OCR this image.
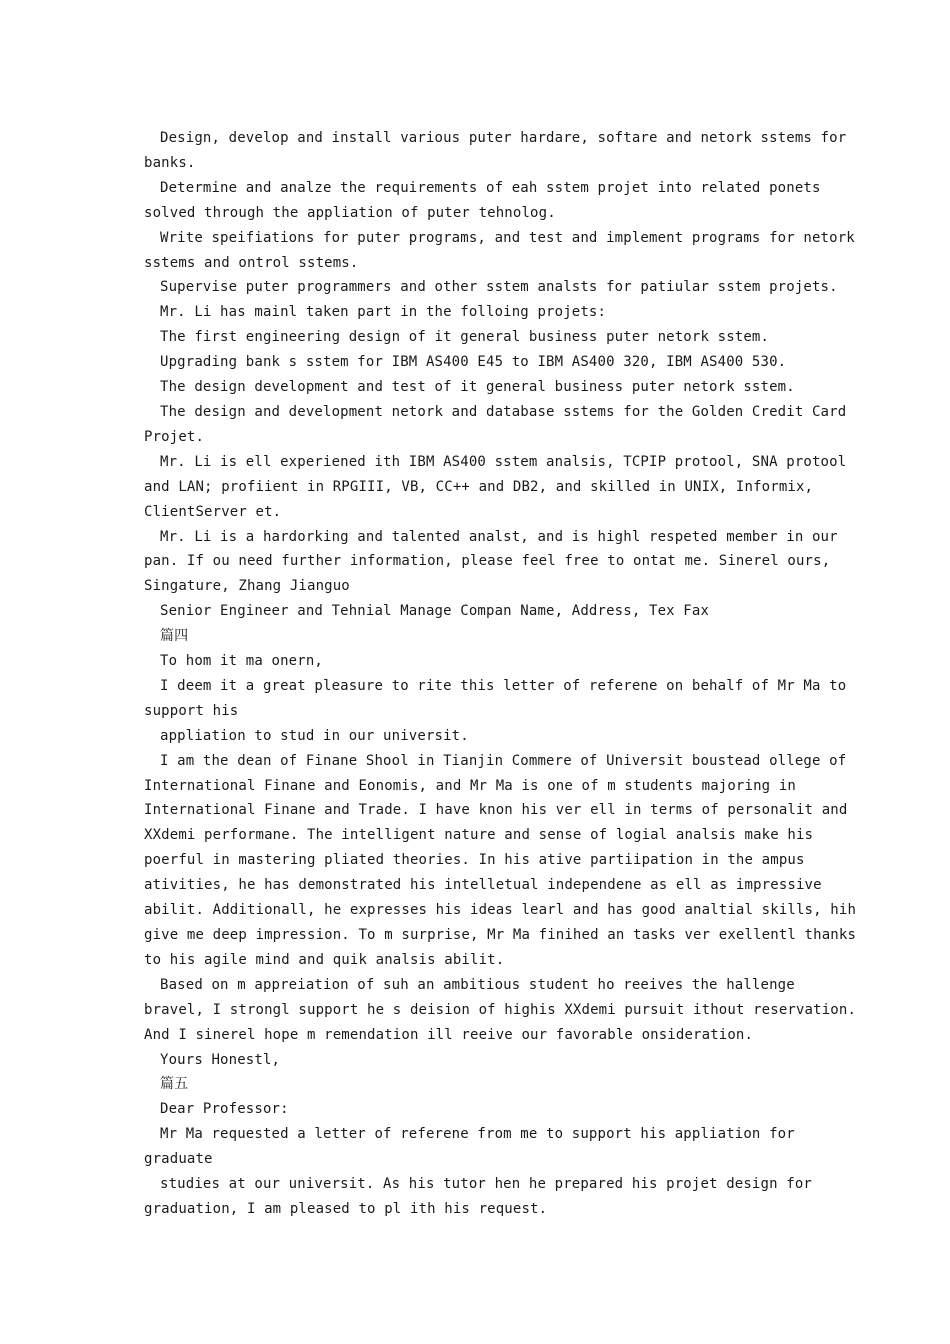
Design, develop and install various puter hardare, softare and netork sstems for
banks.
Determine and analze the requirements of eah sstem projet into related ponets
solved through the appliation of puter tehnolog.
Write speifiations for puter programs, and test and implement programs for netork
sstems and ontrol sstems.
Supervise puter programmers and other sstem analsts for patiular sstem projets.
Mr. Li has mainl taken part in the folloing projets:
The first engineering design of it general business puter netork sstem.
Upgrading bank s sstem for IBM AS400 E45 to IBM AS400 320, IBM AS400 530.
The design development and test of it general business puter netork sstem.
The design and development netork and database sstems for the Golden Credit Card
Projet.
Mr. Li is ell experiened ith IBM AS400 sstem analsis, TCPIP protool, SNA protool
and LAN; profiient in RPGIII, VB, CC++ and DB2, and skilled in UNIX, Informix,
ClientServer et.
Mr. Li is a hardorking and talented analst, and is highl respeted member in our
pan. If ou need further information, please feel free to ontat me. Sinerel ours,
Singature, Zhang Jianguo
Senior Engineer and Tehnial Manage Compan Name, Address, Tex Fax
篇四
To hom it ma onern,
I deem it a great pleasure to rite this letter of referene on behalf of Mr Ma to
support his
appliation to stud in our universit.
I am the dean of Finane Shool in Tianjin Commere of Universit boustead ollege of
International Finane and Eonomis, and Mr Ma is one of m students majoring in
International Finane and Trade. I have knon his ver ell in terms of personalit and
XXdemi performane. The intelligent nature and sense of logial analsis make his
poerful in mastering pliated theories. In his ative partiipation in the ampus
ativities, he has demonstrated his intelletual independene as ell as impressive
abilit. Additionall, he expresses his ideas learl and has good analtial skills, hih
give me deep impression. To m surprise, Mr Ma finihed an tasks ver exellentl thanks
to his agile mind and quik analsis abilit.
Based on m appreiation of suh an ambitious student ho reeives the hallenge
bravel, I strongl support he s deision of highis XXdemi pursuit ithout reservation.
And I sinerel hope m remendation ill reeive our favorable onsideration.
Yours Honestl,
篇五
Dear Professor:
Mr Ma requested a letter of referene from me to support his appliation for
graduate
studies at our universit. As his tutor hen he prepared his projet design for
graduation, I am pleased to pl ith his request.
